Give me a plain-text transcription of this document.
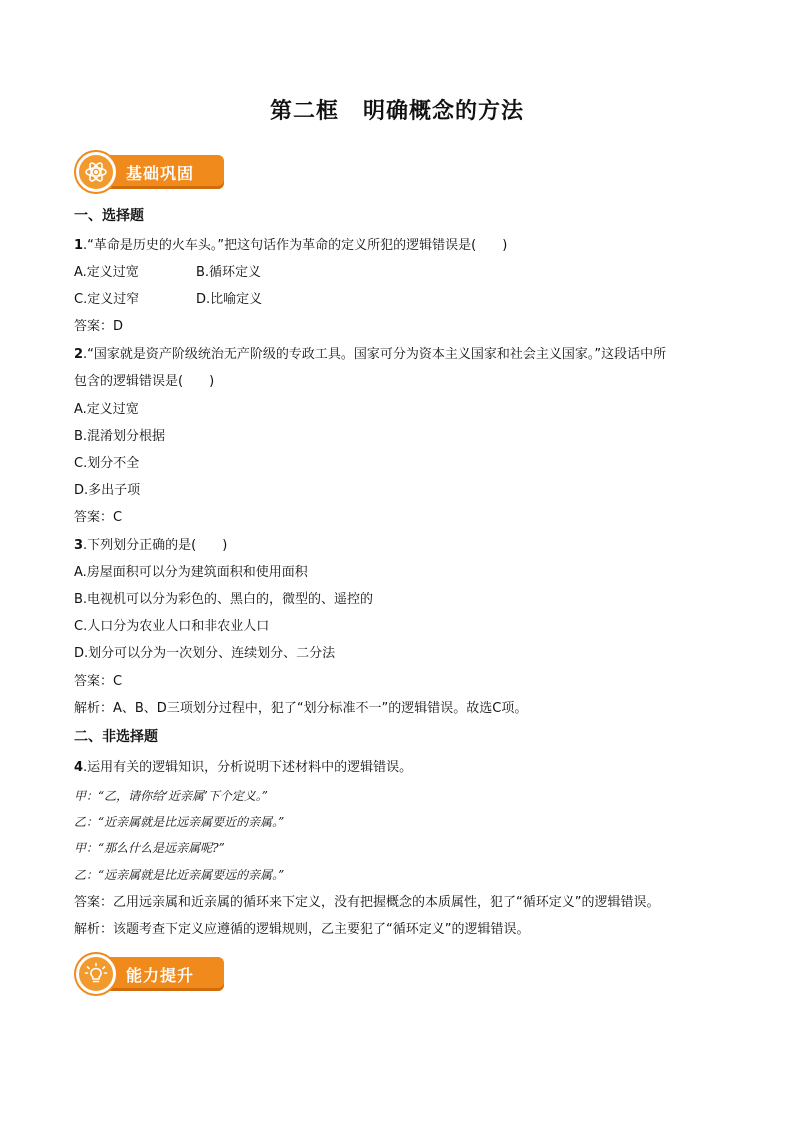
第二框 明确概念的方法
基础巩固
一、选择题
1.“革命是历史的火车头。”把这句话作为革命的定义所犯的逻辑错误是(　　)
A.定义过宽	B.循环定义
C.定义过窄	D.比喻定义
答案：D
2.“国家就是资产阶级统治无产阶级的专政工具。国家可分为资本主义国家和社会主义国家。”这段话中所
包含的逻辑错误是(　　)
A.定义过宽
B.混淆划分根据
C.划分不全
D.多出子项
答案：C
3.下列划分正确的是(　　)
A.房屋面积可以分为建筑面积和使用面积
B.电视机可以分为彩色的、黑白的，微型的、遥控的
C.人口分为农业人口和非农业人口
D.划分可以分为一次划分、连续划分、二分法
答案：C
解析：A、B、D三项划分过程中，犯了“划分标准不一”的逻辑错误。故选C项。
二、非选择题
4.运用有关的逻辑知识，分析说明下述材料中的逻辑错误。
甲：“乙，请你给‘近亲属’下个定义。”
乙：“近亲属就是比远亲属要近的亲属。”
甲：“那么什么是远亲属呢?”
乙：“远亲属就是比近亲属要远的亲属。”
答案：乙用远亲属和近亲属的循环来下定义，没有把握概念的本质属性，犯了“循环定义”的逻辑错误。
解析：该题考查下定义应遵循的逻辑规则，乙主要犯了“循环定义”的逻辑错误。
能力提升
